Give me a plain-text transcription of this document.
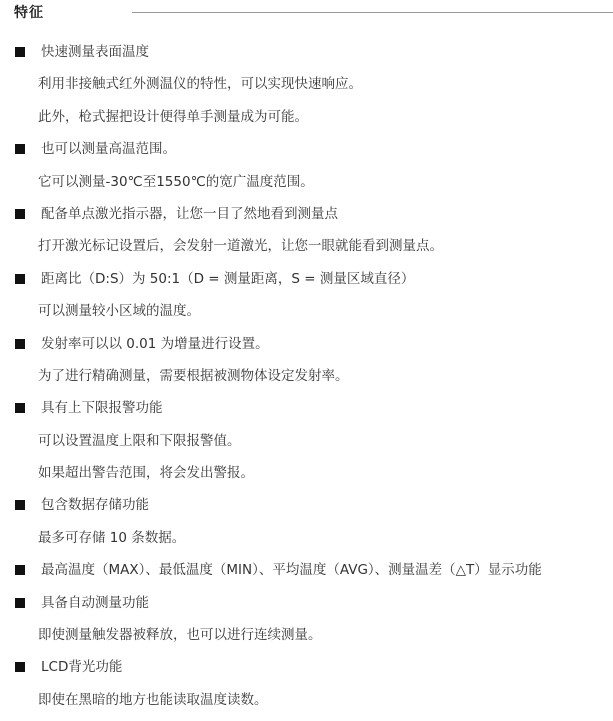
特征
快速测量表面温度
利用非接触式红外测温仪的特性，可以实现快速响应。
此外，枪式握把设计便得单手测量成为可能。
也可以测量高温范围。
它可以测量-30℃至1550℃的宽广温度范围。
配备单点激光指示器，让您一目了然地看到测量点
打开激光标记设置后，会发射一道激光，让您一眼就能看到测量点。
距离比（D:S）为 50:1（D = 测量距离，S = 测量区域直径）
可以测量较小区域的温度。
发射率可以以 0.01 为增量进行设置。
为了进行精确测量，需要根据被测物体设定发射率。
具有上下限报警功能
可以设置温度上限和下限报警值。
如果超出警告范围，将会发出警报。
包含数据存储功能
最多可存储 10 条数据。
最高温度（MAX）、最低温度（MIN）、平均温度（AVG）、测量温差（△T）显示功能
具备自动测量功能
即使测量触发器被释放，也可以进行连续测量。
LCD背光功能
即使在黑暗的地方也能读取温度读数。
